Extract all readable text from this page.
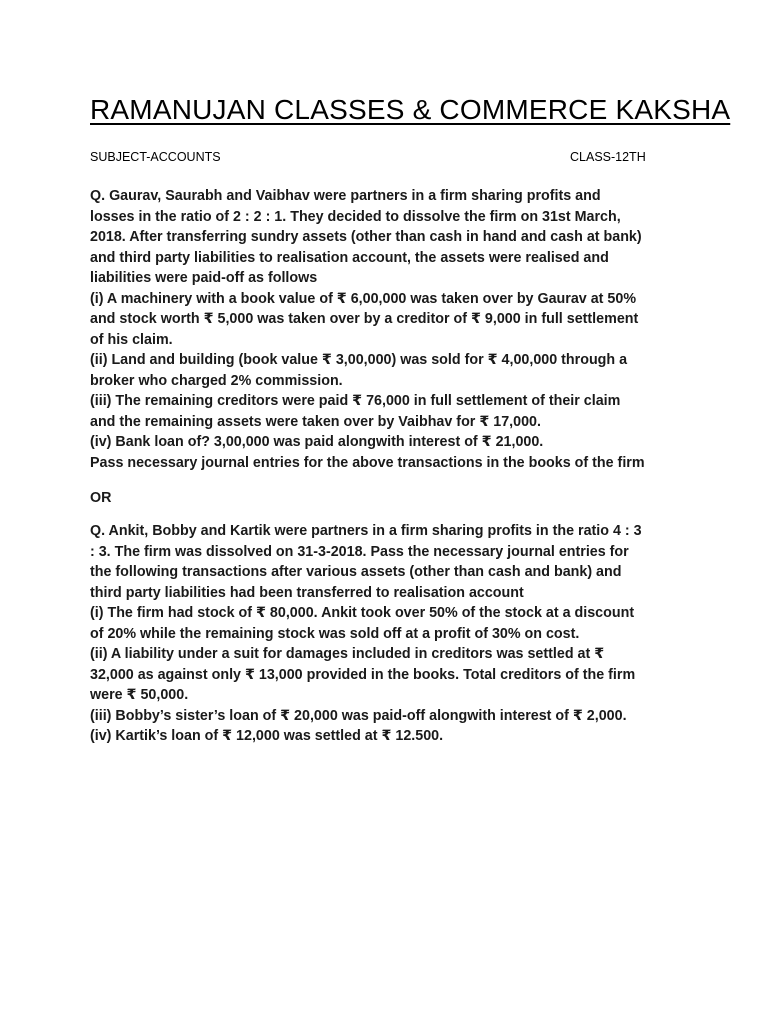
RAMANUJAN CLASSES & COMMERCE KAKSHA
SUBJECT-ACCOUNTS	CLASS-12TH
Q. Gaurav, Saurabh and Vaibhav were partners in a firm sharing profits and
losses in the ratio of 2 : 2 : 1. They decided to dissolve the firm on 31st March,
2018. After transferring sundry assets (other than cash in hand and cash at bank)
and third party liabilities to realisation account, the assets were realised and
liabilities were paid-off as follows
(i) A machinery with a book value of ₹ 6,00,000 was taken over by Gaurav at 50%
and stock worth ₹ 5,000 was taken over by a creditor of ₹ 9,000 in full settlement
of his claim.
(ii) Land and building (book value ₹ 3,00,000) was sold for ₹ 4,00,000 through a
broker who charged 2% commission.
(iii) The remaining creditors were paid ₹ 76,000 in full settlement of their claim
and the remaining assets were taken over by Vaibhav for ₹ 17,000.
(iv) Bank loan of? 3,00,000 was paid alongwith interest of ₹ 21,000.
Pass necessary journal entries for the above transactions in the books of the firm
OR
Q. Ankit, Bobby and Kartik were partners in a firm sharing profits in the ratio 4 : 3
: 3. The firm was dissolved on 31-3-2018. Pass the necessary journal entries for
the following transactions after various assets (other than cash and bank) and
third party liabilities had been transferred to realisation account
(i) The firm had stock of ₹ 80,000. Ankit took over 50% of the stock at a discount
of 20% while the remaining stock was sold off at a profit of 30% on cost.
(ii) A liability under a suit for damages included in creditors was settled at ₹
32,000 as against only ₹ 13,000 provided in the books. Total creditors of the firm
were ₹ 50,000.
(iii) Bobby’s sister’s loan of ₹ 20,000 was paid-off alongwith interest of ₹ 2,000.
(iv) Kartik’s loan of ₹ 12,000 was settled at ₹ 12.500.
